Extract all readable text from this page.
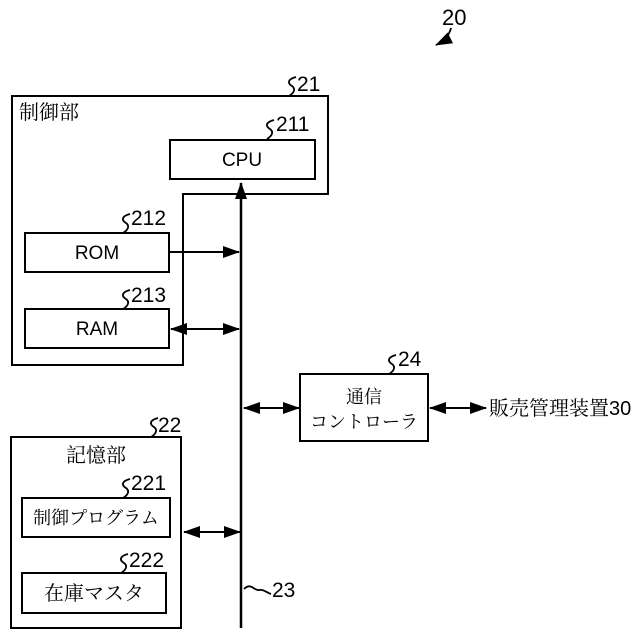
20
制御部
21
CPU
211
ROM
212
RAM
213
記憶部
22
制御プログラム
221
在庫マスタ
222
23
通信
コントローラ
24
販売管理装置30
